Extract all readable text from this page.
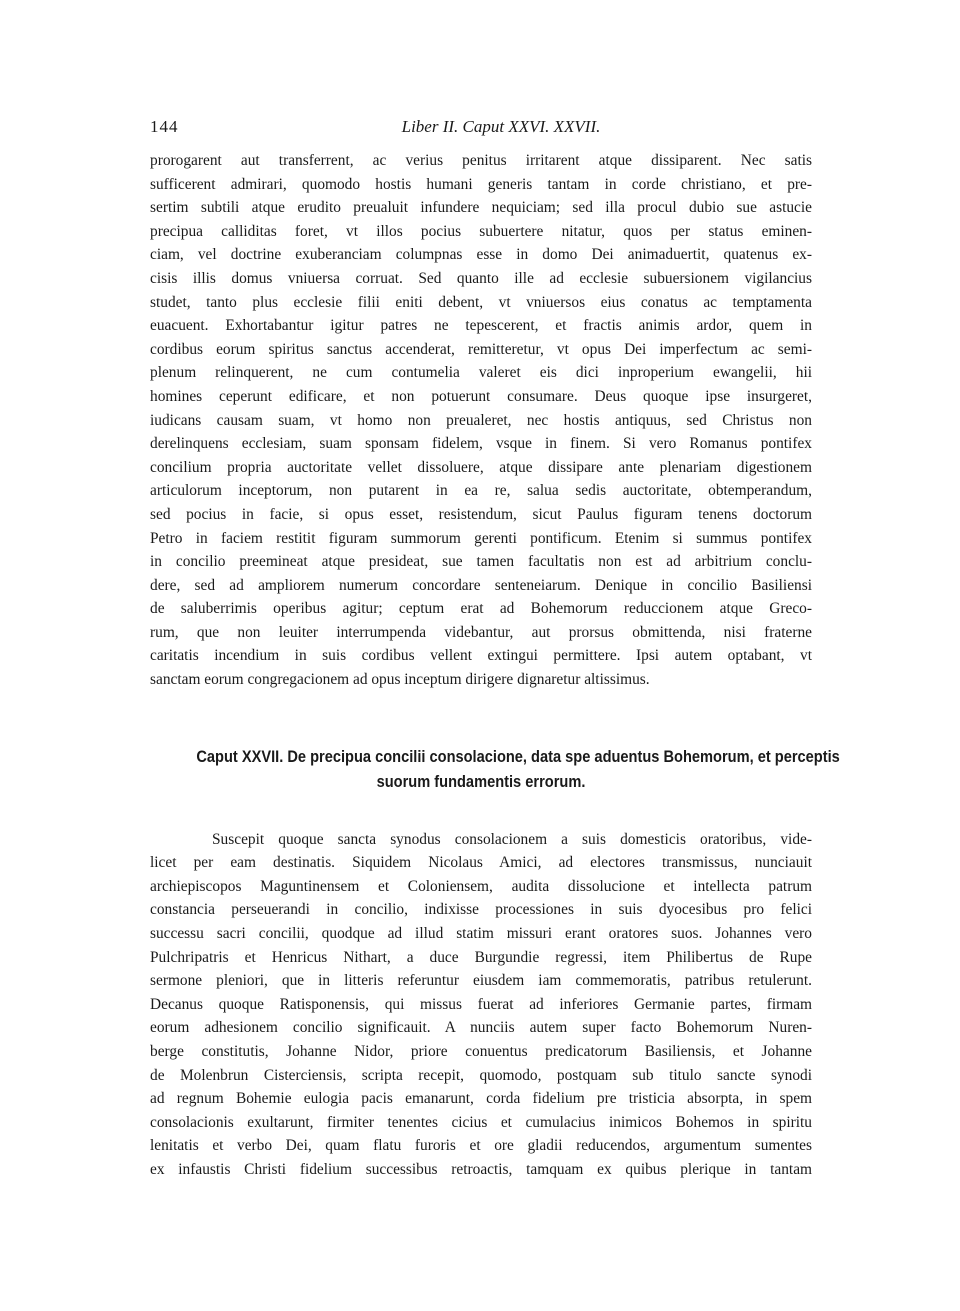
144	Liber II. Caput XXVI. XXVII.
prorogarent aut transferrent, ac verius penitus irritarent atque dissiparent. Nec satis
sufficerent admirari, quomodo hostis humani generis tantam in corde christiano, et pre-
sertim subtili atque erudito preualuit infundere nequiciam; sed illa procul dubio sue astucie
precipua calliditas foret, vt illos pocius subuertere nitatur, quos per status eminen-
ciam, vel doctrine exuberanciam columpnas esse in domo Dei animaduertit, quatenus ex-
cisis illis domus vniuersa corruat. Sed quanto ille ad ecclesie subuersionem vigilancius
studet, tanto plus ecclesie filii eniti debent, vt vniuersos eius conatus ac temptamenta
euacuent. Exhortabantur igitur patres ne tepescerent, et fractis animis ardor, quem in
cordibus eorum spiritus sanctus accenderat, remitteretur, vt opus Dei imperfectum ac semi-
plenum relinquerent, ne cum contumelia valeret eis dici inproperium ewangelii, hii
homines ceperunt edificare, et non potuerunt consumare. Deus quoque ipse insurgeret,
iudicans causam suam, vt homo non preualeret, nec hostis antiquus, sed Christus non
derelinquens ecclesiam, suam sponsam fidelem, vsque in finem. Si vero Romanus pontifex
concilium propria auctoritate vellet dissoluere, atque dissipare ante plenariam digestionem
articulorum inceptorum, non putarent in ea re, salua sedis auctoritate, obtemperandum,
sed pocius in facie, si opus esset, resistendum, sicut Paulus figuram tenens doctorum
Petro in faciem restitit figuram summorum gerenti pontificum. Etenim si summus pontifex
in concilio preemineat atque presideat, sue tamen facultatis non est ad arbitrium conclu-
dere, sed ad ampliorem numerum concordare senteneiarum. Denique in concilio Basiliensi
de saluberrimis operibus agitur; ceptum erat ad Bohemorum reduccionem atque Greco-
rum, que non leuiter interrumpenda videbantur, aut prorsus obmittenda, nisi fraterne
caritatis incendium in suis cordibus vellent extingui permittere. Ipsi autem optabant, vt
sanctam eorum congregacionem ad opus inceptum dirigere dignaretur altissimus.
Caput XXVII. De precipua concilii consolacione, data spe aduentus Bohemorum, et perceptis
suorum fundamentis errorum.
Suscepit quoque sancta synodus consolacionem a suis domesticis oratoribus, vide-
licet per eam destinatis. Siquidem Nicolaus Amici, ad electores transmissus, nunciauit
archiepiscopos Maguntinensem et Coloniensem, audita dissolucione et intellecta patrum
constancia perseuerandi in concilio, indixisse processiones in suis dyocesibus pro felici
successu sacri concilii, quodque ad illud statim missuri erant oratores suos. Johannes vero
Pulchripatris et Henricus Nithart, a duce Burgundie regressi, item Philibertus de Rupe
sermone pleniori, que in litteris referuntur eiusdem iam commemoratis, patribus retulerunt.
Decanus quoque Ratisponensis, qui missus fuerat ad inferiores Germanie partes, firmam
eorum adhesionem concilio significauit. A nunciis autem super facto Bohemorum Nuren-
berge constitutis, Johanne Nidor, priore conuentus predicatorum Basiliensis, et Johanne
de Molenbrun Cisterciensis, scripta recepit, quomodo, postquam sub titulo sancte synodi
ad regnum Bohemie eulogia pacis emanarunt, corda fidelium pre tristicia absorpta, in spem
consolacionis exultarunt, firmiter tenentes cicius et cumulacius inimicos Bohemos in spiritu
lenitatis et verbo Dei, quam flatu furoris et ore gladii reducendos, argumentum sumentes
ex infaustis Christi fidelium successibus retroactis, tamquam ex quibus plerique in tantam
